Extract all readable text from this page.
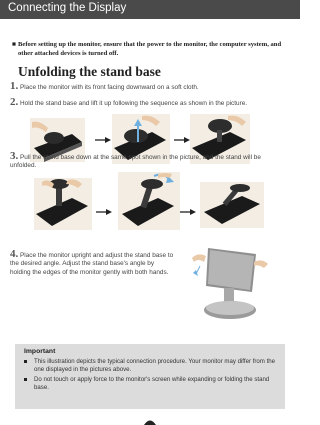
Connecting the Display
■ Before setting up the monitor, ensure that the power to the monitor, the computer system, and other attached devices is turned off.
Unfolding the stand base
1. Place the monitor with its front facing downward on a soft cloth.
2. Hold the stand base and lift it up following the sequence as shown in the picture.
3. Pull the stand base down at the same spot shown in the picture, and the stand will be unfolded.
4. Place the monitor upright and adjust the stand base to the desired angle. Adjust the stand base's angle by holding the edges of the monitor gently with both hands.
Important
This illustration depicts the typical connection procedure. Your monitor may differ from the one displayed in the pictures above.
Do not touch or apply force to the monitor's screen while expanding or folding the stand base.
